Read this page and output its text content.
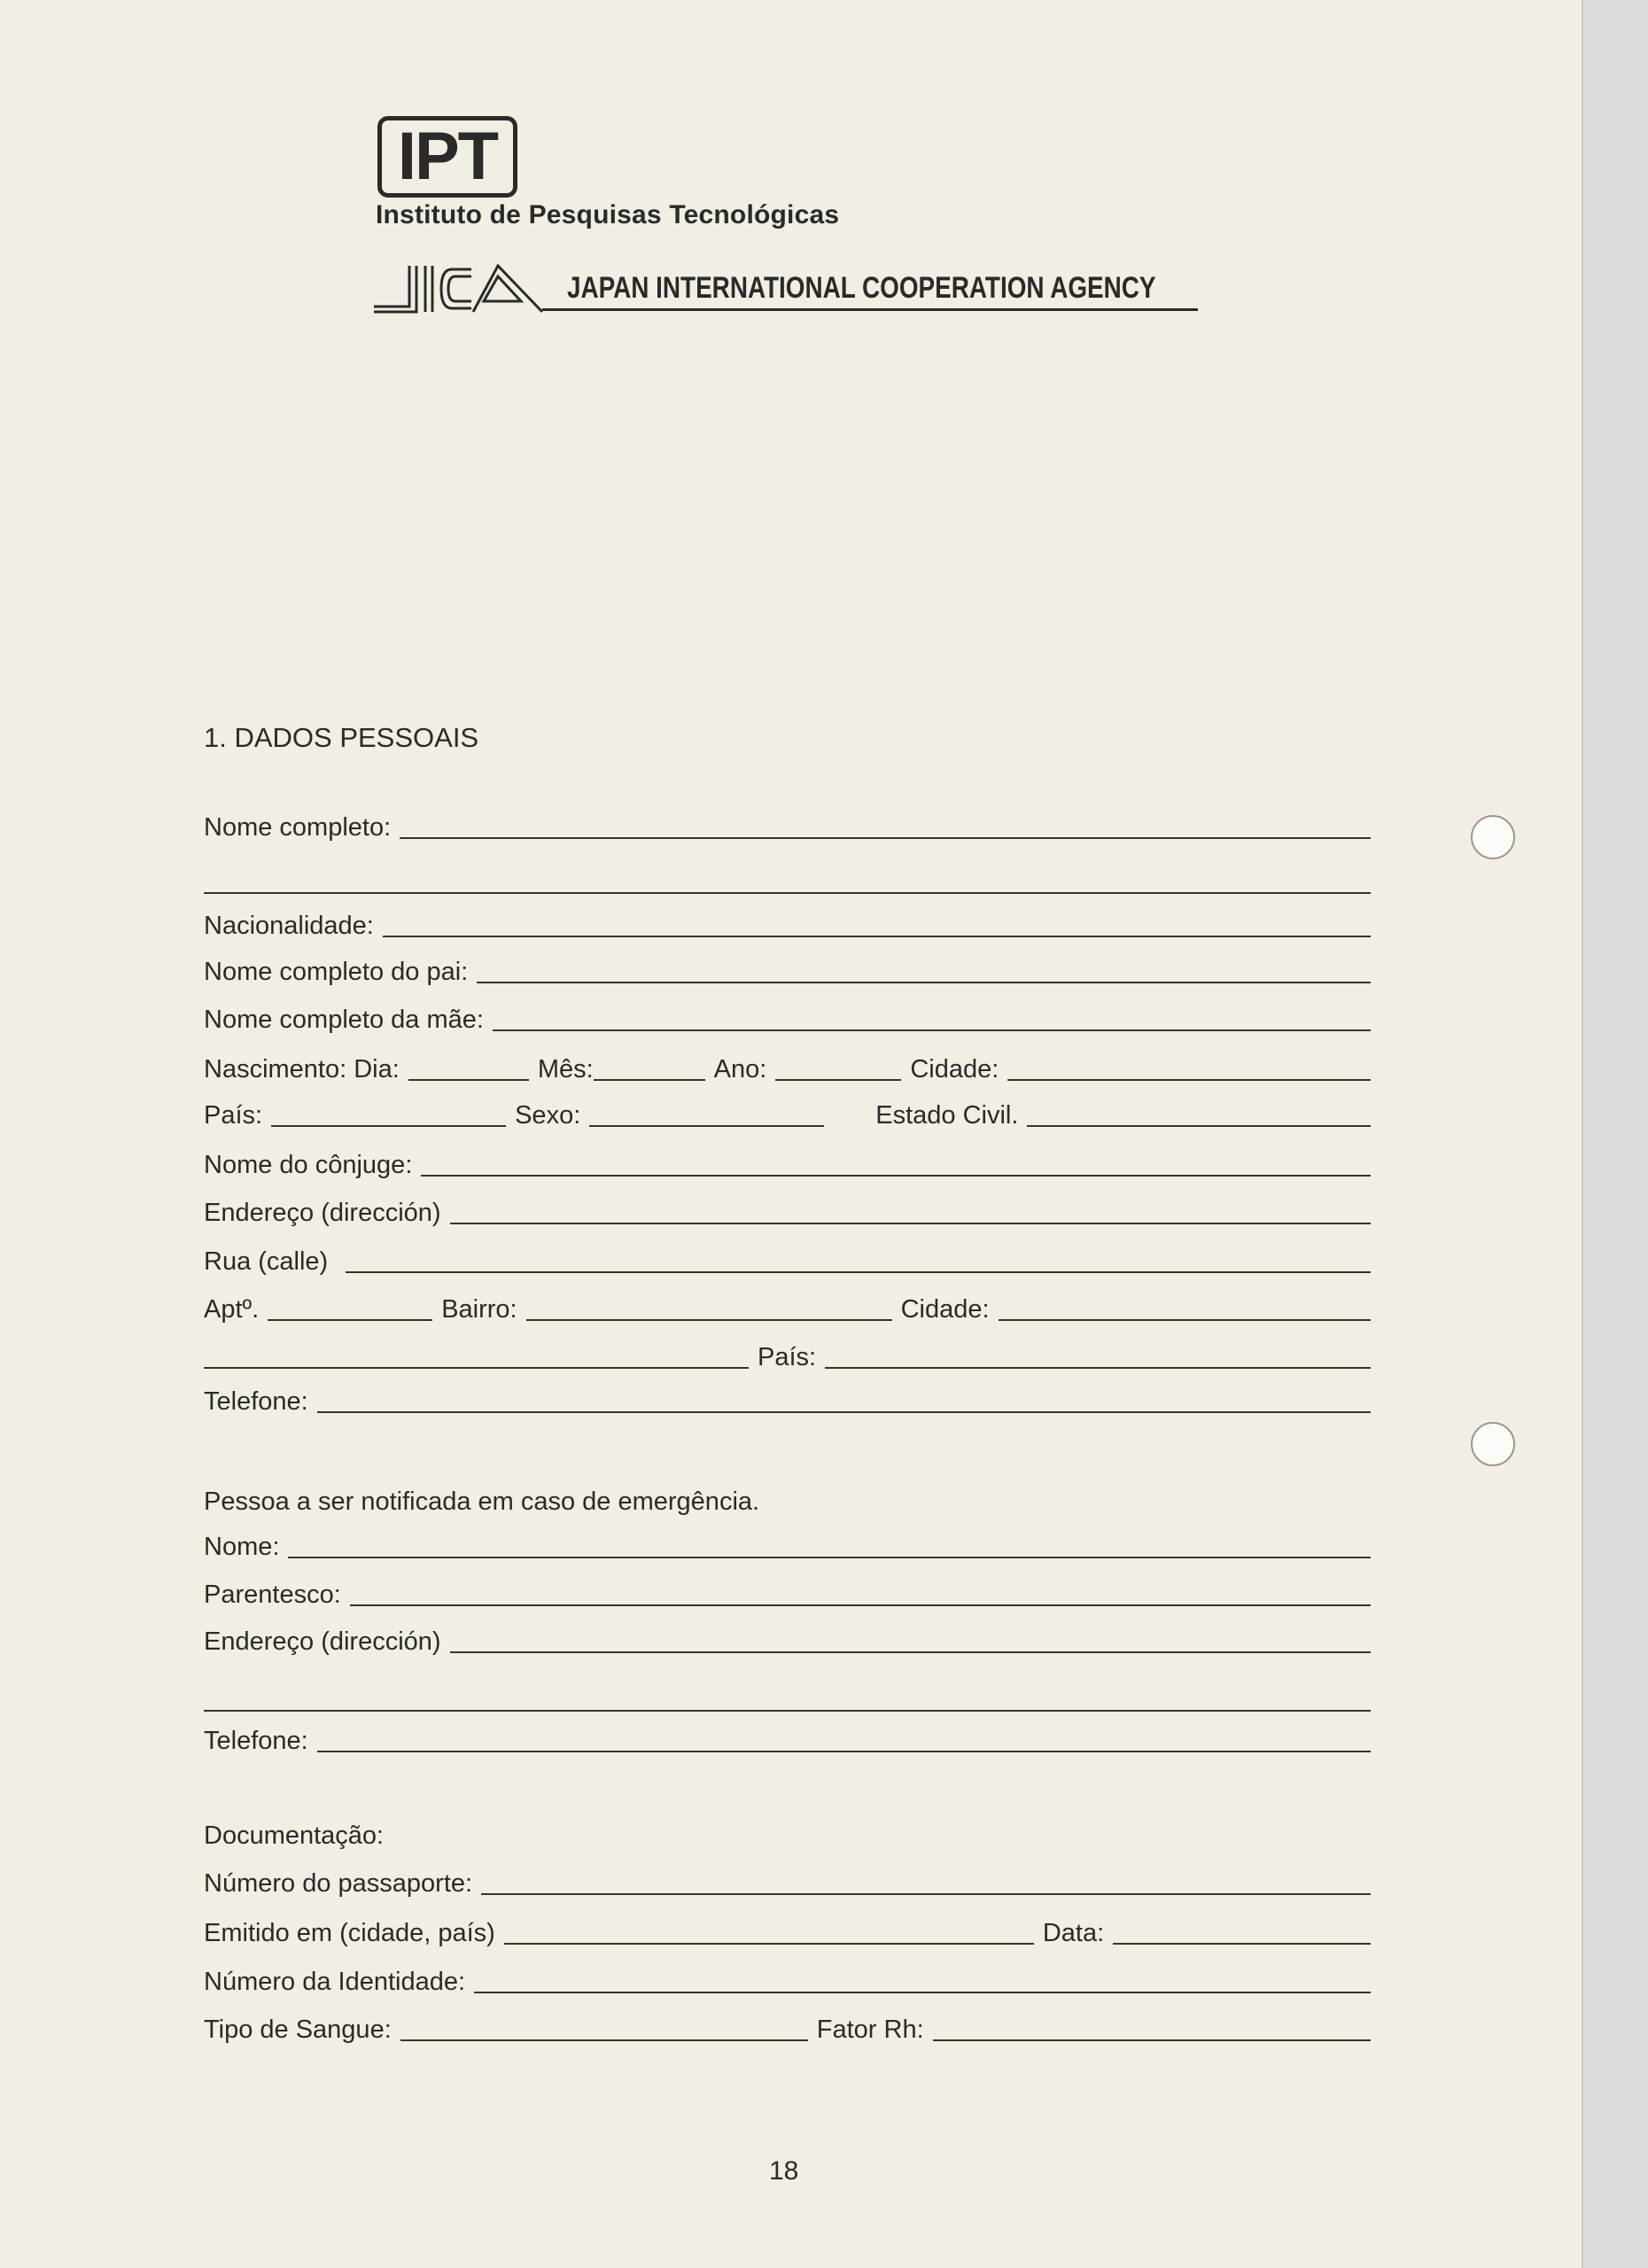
IPT
Instituto de Pesquisas Tecnológicas
JAPAN INTERNATIONAL COOPERATION AGENCY
1. DADOS PESSOAIS
Nome completo:
Nacionalidade:
Nome completo do pai:
Nome completo da mãe:
Nascimento: Dia:	Mês:	Ano:	Cidade:
País:	Sexo:	Estado Civil.
Nome do cônjuge:
Endereço (dirección)
Rua (calle)
Aptº.	Bairro:	Cidade:
País:
Telefone:
Pessoa a ser notificada em caso de emergência.
Nome:
Parentesco:
Endereço (dirección)
Telefone:
Documentação:
Número do passaporte:
Emitido em (cidade, país)	Data:
Número da Identidade:
Tipo de Sangue:	Fator Rh:
18
